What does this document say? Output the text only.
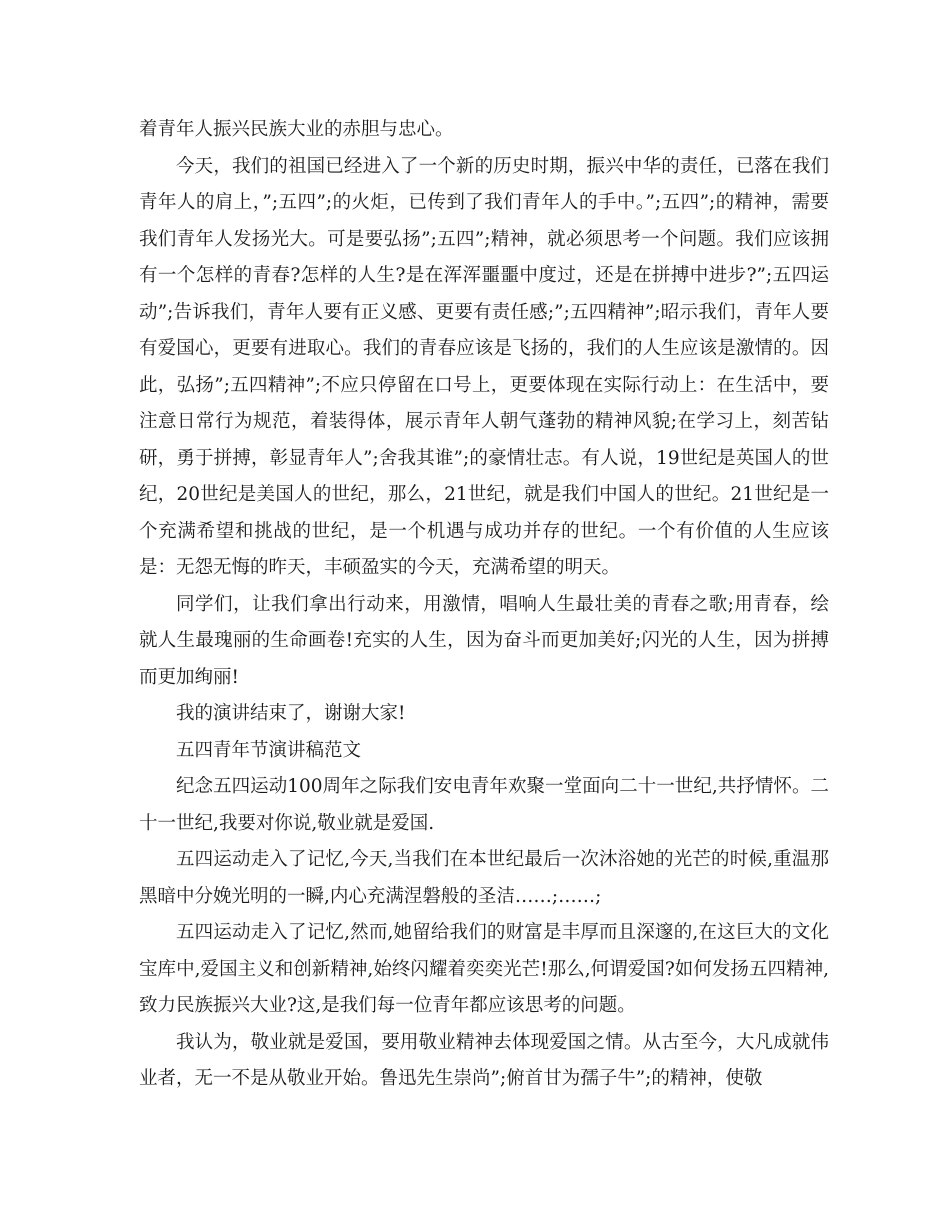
着青年人振兴民族大业的赤胆与忠心。

今天，我们的祖国已经进入了一个新的历史时期，振兴中华的责任，已落在我们青年人的肩上，”;五四”;的火炬，已传到了我们青年人的手中。”;五四”;的精神，需要我们青年人发扬光大。可是要弘扬”;五四”;精神，就必须思考一个问题。我们应该拥有一个怎样的青春?怎样的人生?是在浑浑噩噩中度过，还是在拼搏中进步?”;五四运动”;告诉我们，青年人要有正义感、更要有责任感;”;五四精神”;昭示我们，青年人要有爱国心，更要有进取心。我们的青春应该是飞扬的，我们的人生应该是激情的。因此，弘扬”;五四精神”;不应只停留在口号上，更要体现在实际行动上：在生活中，要注意日常行为规范，着装得体，展示青年人朝气蓬勃的精神风貌;在学习上，刻苦钻研，勇于拼搏，彰显青年人”;舍我其谁”;的豪情壮志。有人说，19世纪是英国人的世纪，20世纪是美国人的世纪，那么，21世纪，就是我们中国人的世纪。21世纪是一个充满希望和挑战的世纪，是一个机遇与成功并存的世纪。一个有价值的人生应该是：无怨无悔的昨天，丰硕盈实的今天，充满希望的明天。

同学们，让我们拿出行动来，用激情，唱响人生最壮美的青春之歌;用青春，绘就人生最瑰丽的生命画卷!充实的人生，因为奋斗而更加美好;闪光的人生，因为拼搏而更加绚丽!

我的演讲结束了，谢谢大家!

五四青年节演讲稿范文

纪念五四运动100周年之际我们安电青年欢聚一堂面向二十一世纪,共抒情怀。二十一世纪,我要对你说,敬业就是爱国.

五四运动走入了记忆,今天,当我们在本世纪最后一次沐浴她的光芒的时候,重温那黑暗中分娩光明的一瞬,内心充满涅磐般的圣洁……;……;

五四运动走入了记忆,然而,她留给我们的财富是丰厚而且深邃的,在这巨大的文化宝库中,爱国主义和创新精神,始终闪耀着奕奕光芒!那么,何谓爱国?如何发扬五四精神,致力民族振兴大业?这,是我们每一位青年都应该思考的问题。

我认为，敬业就是爱国，要用敬业精神去体现爱国之情。从古至今，大凡成就伟业者，无一不是从敬业开始。鲁迅先生崇尚”;俯首甘为孺子牛”;的精神，使敬
